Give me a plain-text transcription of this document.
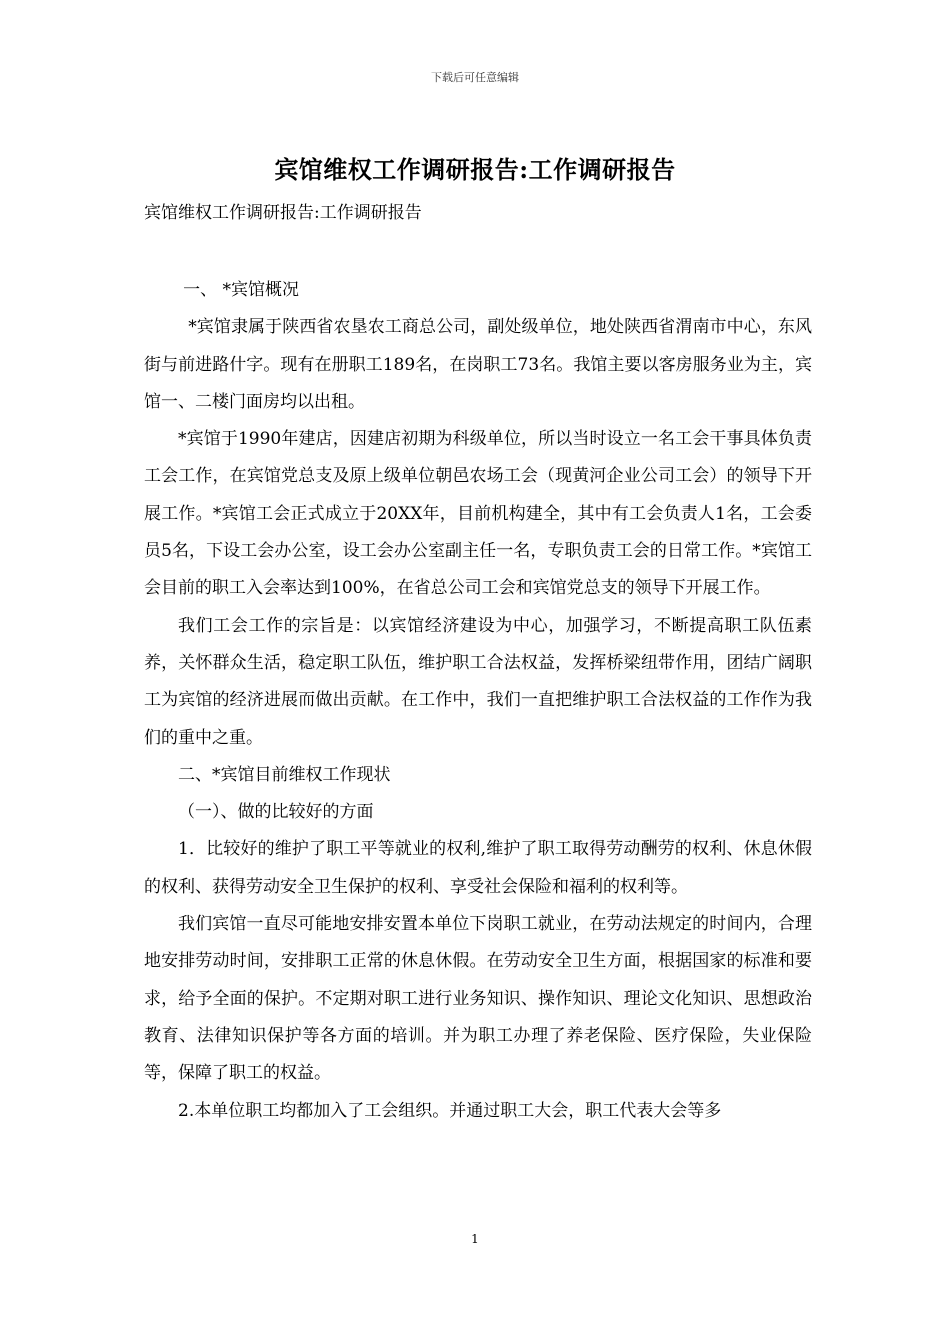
下载后可任意编辑
宾馆维权工作调研报告:工作调研报告
宾馆维权工作调研报告:工作调研报告

一、 *宾馆概况

*宾馆隶属于陕西省农垦农工商总公司，副处级单位，地处陕西省渭南市中心，东风街与前进路什字。现有在册职工189名，在岗职工73名。我馆主要以客房服务业为主，宾馆一、二楼门面房均以出租。

*宾馆于1990年建店，因建店初期为科级单位，所以当时设立一名工会干事具体负责工会工作，在宾馆党总支及原上级单位朝邑农场工会（现黄河企业公司工会）的领导下开展工作。*宾馆工会正式成立于20XX年，目前机构建全，其中有工会负责人1名，工会委员5名，下设工会办公室，设工会办公室副主任一名，专职负责工会的日常工作。*宾馆工会目前的职工入会率达到100%，在省总公司工会和宾馆党总支的领导下开展工作。

我们工会工作的宗旨是：以宾馆经济建设为中心，加强学习，不断提高职工队伍素养，关怀群众生活，稳定职工队伍，维护职工合法权益，发挥桥梁纽带作用，团结广阔职工为宾馆的经济进展而做出贡献。在工作中，我们一直把维护职工合法权益的工作作为我们的重中之重。

二、*宾馆目前维权工作现状

（一）、做的比较好的方面

1．比较好的维护了职工平等就业的权利,维护了职工取得劳动酬劳的权利、休息休假的权利、获得劳动安全卫生保护的权利、享受社会保险和福利的权利等。

我们宾馆一直尽可能地安排安置本单位下岗职工就业，在劳动法规定的时间内，合理地安排劳动时间，安排职工正常的休息休假。在劳动安全卫生方面，根据国家的标准和要求，给予全面的保护。不定期对职工进行业务知识、操作知识、理论文化知识、思想政治教育、法律知识保护等各方面的培训。并为职工办理了养老保险、医疗保险，失业保险等，保障了职工的权益。

2.本单位职工均都加入了工会组织。并通过职工大会，职工代表大会等多

1
